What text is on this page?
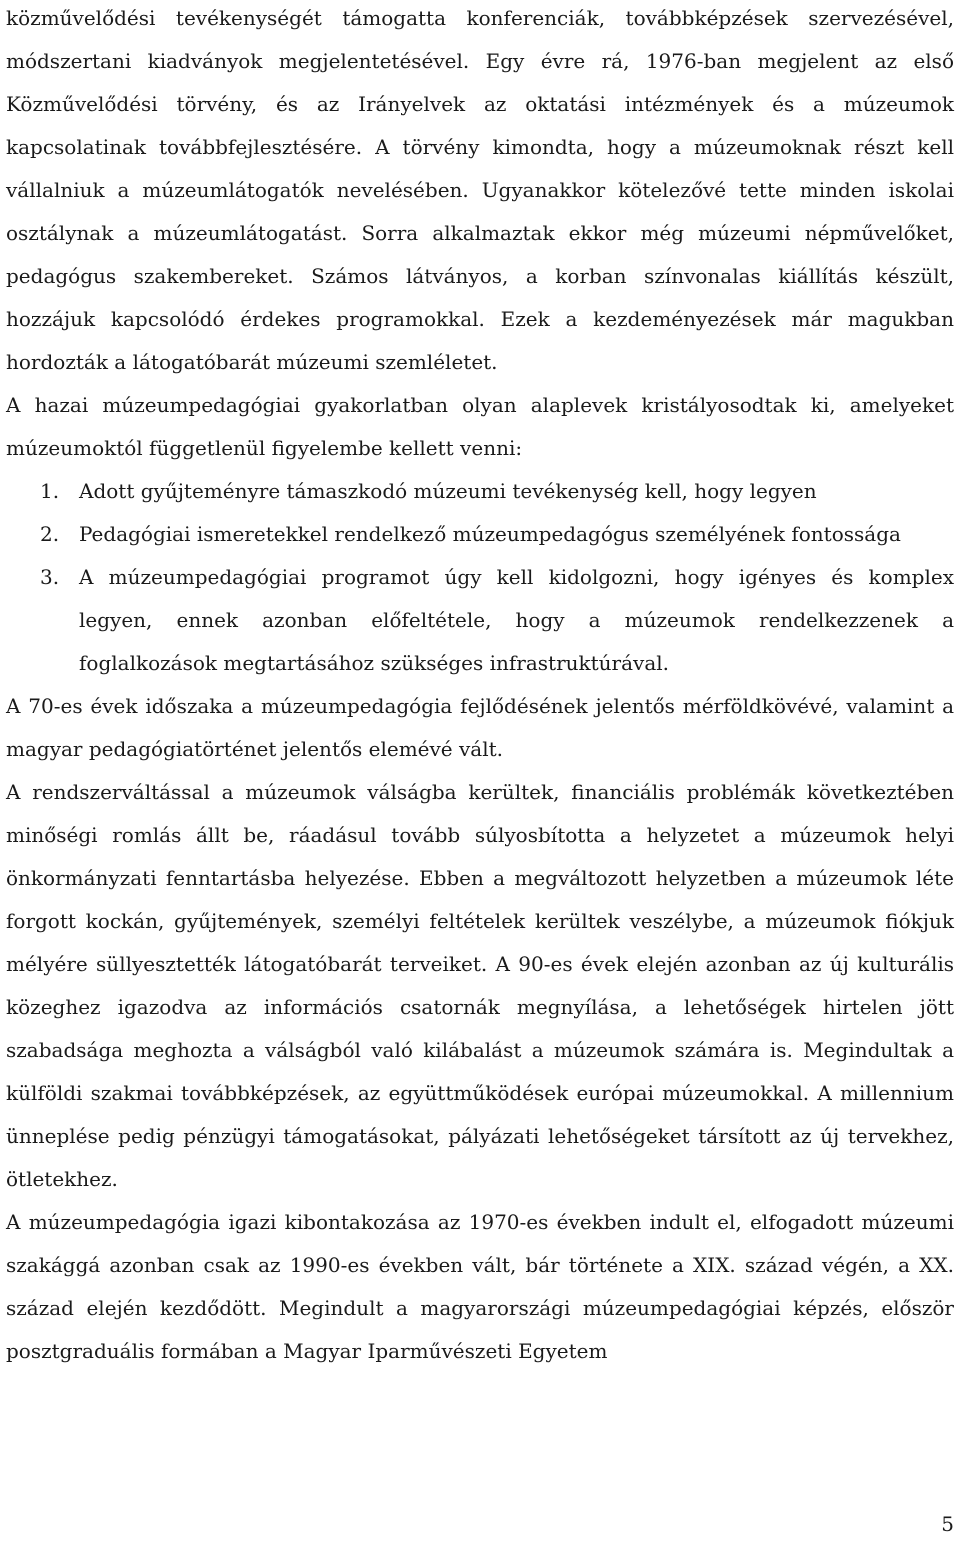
közművelődési tevékenységét támogatta konferenciák, továbbképzések szervezésével, módszertani kiadványok megjelentetésével. Egy évre rá, 1976-ban megjelent az első Közművelődési törvény, és az Irányelvek az oktatási intézmények és a múzeumok kapcsolatinak továbbfejlesztésére. A törvény kimondta, hogy a múzeumoknak részt kell vállalniuk a múzeumlátogatók nevelésében. Ugyanakkor kötelezővé tette minden iskolai osztálynak a múzeumlátogatást. Sorra alkalmaztak ekkor még múzeumi népművelőket, pedagógus szakembereket. Számos látványos, a korban színvonalas kiállítás készült, hozzájuk kapcsolódó érdekes programokkal. Ezek a kezdeményezések már magukban hordozták a látogatóbarát múzeumi szemléletet.

A hazai múzeumpedagógiai gyakorlatban olyan alaplevek kristályosodtak ki, amelyeket múzeumoktól függetlenül figyelembe kellett venni:

1. Adott gyűjteményre támaszkodó múzeumi tevékenység kell, hogy legyen
2. Pedagógiai ismeretekkel rendelkező múzeumpedagógus személyének fontossága
3. A múzeumpedagógiai programot úgy kell kidolgozni, hogy igényes és komplex legyen, ennek azonban előfeltétele, hogy a múzeumok rendelkezzenek a foglalkozások megtartásához szükséges infrastruktúrával.

A 70-es évek időszaka a múzeumpedagógia fejlődésének jelentős mérföldkövévé, valamint a magyar pedagógiatörténet jelentős elemévé vált.

A rendszerváltással a múzeumok válságba kerültek, financiális problémák következtében minőségi romlás állt be, ráadásul tovább súlyosbította a helyzetet a múzeumok helyi önkormányzati fenntartásba helyezése. Ebben a megváltozott helyzetben a múzeumok léte forgott kockán, gyűjtemények, személyi feltételek kerültek veszélybe, a múzeumok fiókjuk mélyére süllyesztették látogatóbarát terveiket. A 90-es évek elején azonban az új kulturális közeghez igazodva az információs csatornák megnyílása, a lehetőségek hirtelen jött szabadsága meghozta a válságból való kilábalást a múzeumok számára is. Megindultak a külföldi szakmai továbbképzések, az együttműködések európai múzeumokkal. A millennium ünneplése pedig pénzügyi támogatásokat, pályázati lehetőségeket társított az új tervekhez, ötletekhez.

A múzeumpedagógia igazi kibontakozása az 1970-es években indult el, elfogadott múzeumi szakággá azonban csak az 1990-es években vált, bár története a XIX. század végén, a XX. század elején kezdődött. Megindult a magyarországi múzeumpedagógiai képzés, először posztgraduális formában a Magyar Iparművészeti Egyetem

5
